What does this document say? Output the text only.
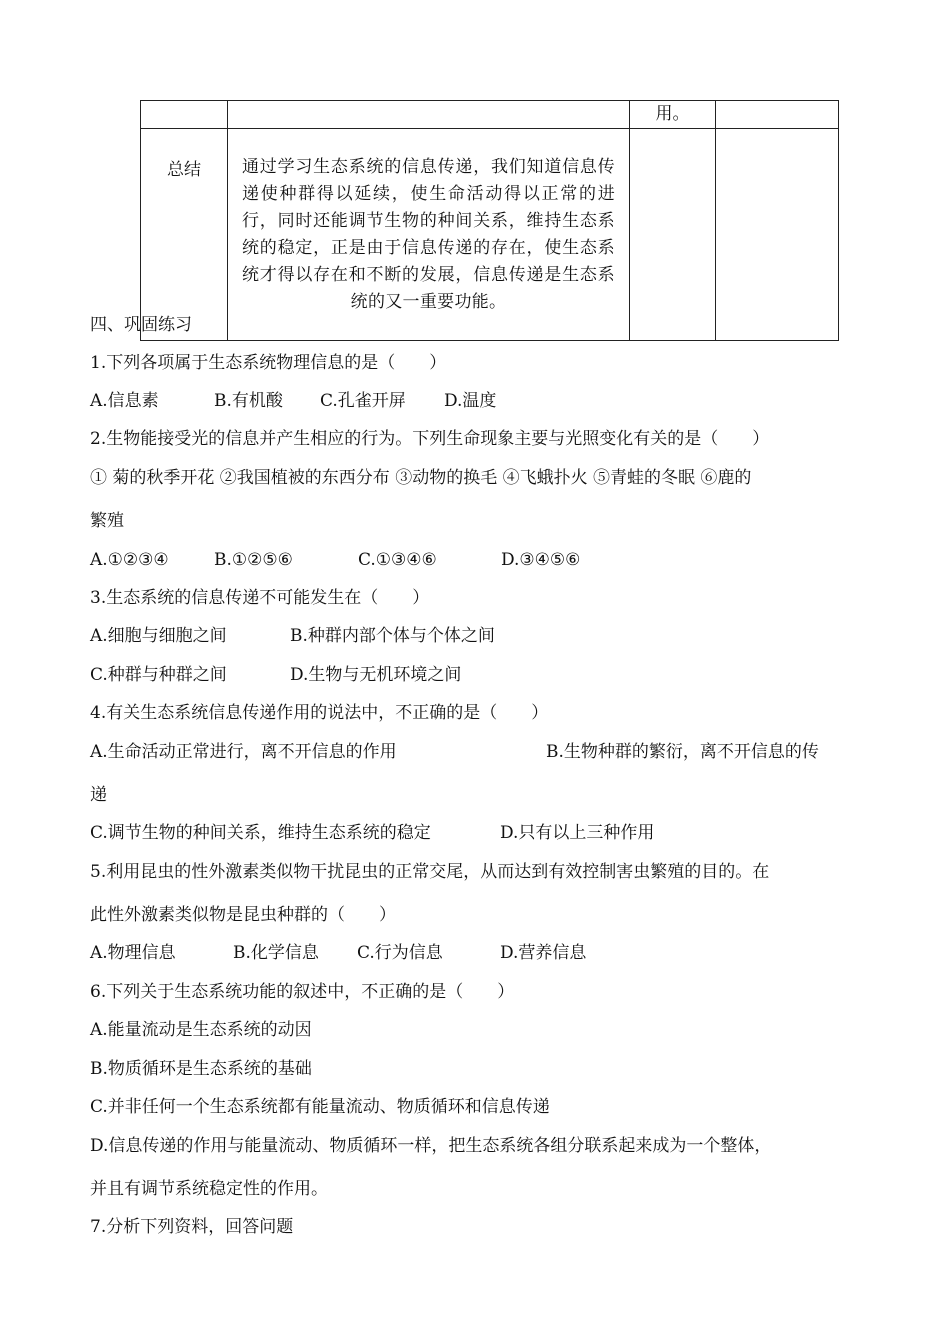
		用。	
总结	通过学习生态系统的信息传递，我们知道信息传递使种群得以延续，使生命活动得以正常的进行，同时还能调节生物的种间关系，维持生态系统的稳定，正是由于信息传递的存在，使生态系统才得以存在和不断的发展，信息传递是生态系统的又一重要功能。		
四、巩固练习
1.下列各项属于生态系统物理信息的是（　　）
A.信息素	B.有机酸 C.孔雀开屏 D.温度
2.生物能接受光的信息并产生相应的行为。下列生命现象主要与光照变化有关的是（　　）
① 菊的秋季开花 ②我国植被的东西分布 ③动物的换毛 ④飞蛾扑火 ⑤青蛙的冬眠 ⑥鹿的
繁殖
A.①②③④	B.①②⑤⑥	C.①③④⑥	D.③④⑤⑥
3.生态系统的信息传递不可能发生在（　　）
A.细胞与细胞之间	B.种群内部个体与个体之间
C.种群与种群之间	D.生物与无机环境之间
4.有关生态系统信息传递作用的说法中，不正确的是（　　）
A.生命活动正常进行，离不开信息的作用	B.生物种群的繁衍，离不开信息的传
递
C.调节生物的种间关系，维持生态系统的稳定	D.只有以上三种作用
5.利用昆虫的性外激素类似物干扰昆虫的正常交尾，从而达到有效控制害虫繁殖的目的。在
此性外激素类似物是昆虫种群的（　　）
A.物理信息	B.化学信息 C.行为信息	D.营养信息
6.下列关于生态系统功能的叙述中，不正确的是（　　）
A.能量流动是生态系统的动因
B.物质循环是生态系统的基础
C.并非任何一个生态系统都有能量流动、物质循环和信息传递
D.信息传递的作用与能量流动、物质循环一样，把生态系统各组分联系起来成为一个整体，
并且有调节系统稳定性的作用。
7.分析下列资料，回答问题
